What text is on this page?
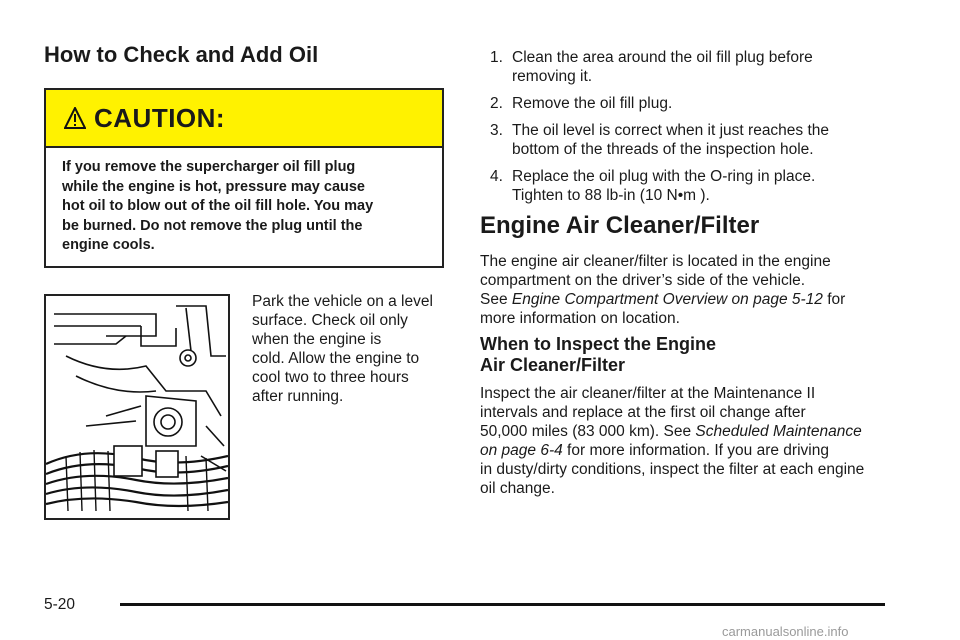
How to Check and Add Oil
CAUTION:

If you remove the supercharger oil fill plug
while the engine is hot, pressure may cause
hot oil to blow out of the oil fill hole. You may
be burned. Do not remove the plug until the
engine cools.

Park the vehicle on a level
surface. Check oil only
when the engine is
cold. Allow the engine to
cool two to three hours
after running.

1. Clean the area around the oil fill plug before
removing it.
2. Remove the oil fill plug.
3. The oil level is correct when it just reaches the
bottom of the threads of the inspection hole.
4. Replace the oil plug with the O-ring in place.
Tighten to 88 lb-in (10 N•m ).
Engine Air Cleaner/Filter

The engine air cleaner/filter is located in the engine
compartment on the driver’s side of the vehicle.
See Engine Compartment Overview on page 5-12 for
more information on location.

When to Inspect the Engine
Air Cleaner/Filter

Inspect the air cleaner/filter at the Maintenance II
intervals and replace at the first oil change after
50,000 miles (83 000 km). See Scheduled Maintenance
on page 6-4 for more information. If you are driving
in dusty/dirty conditions, inspect the filter at each engine
oil change.

5-20

carmanualsonline.info
